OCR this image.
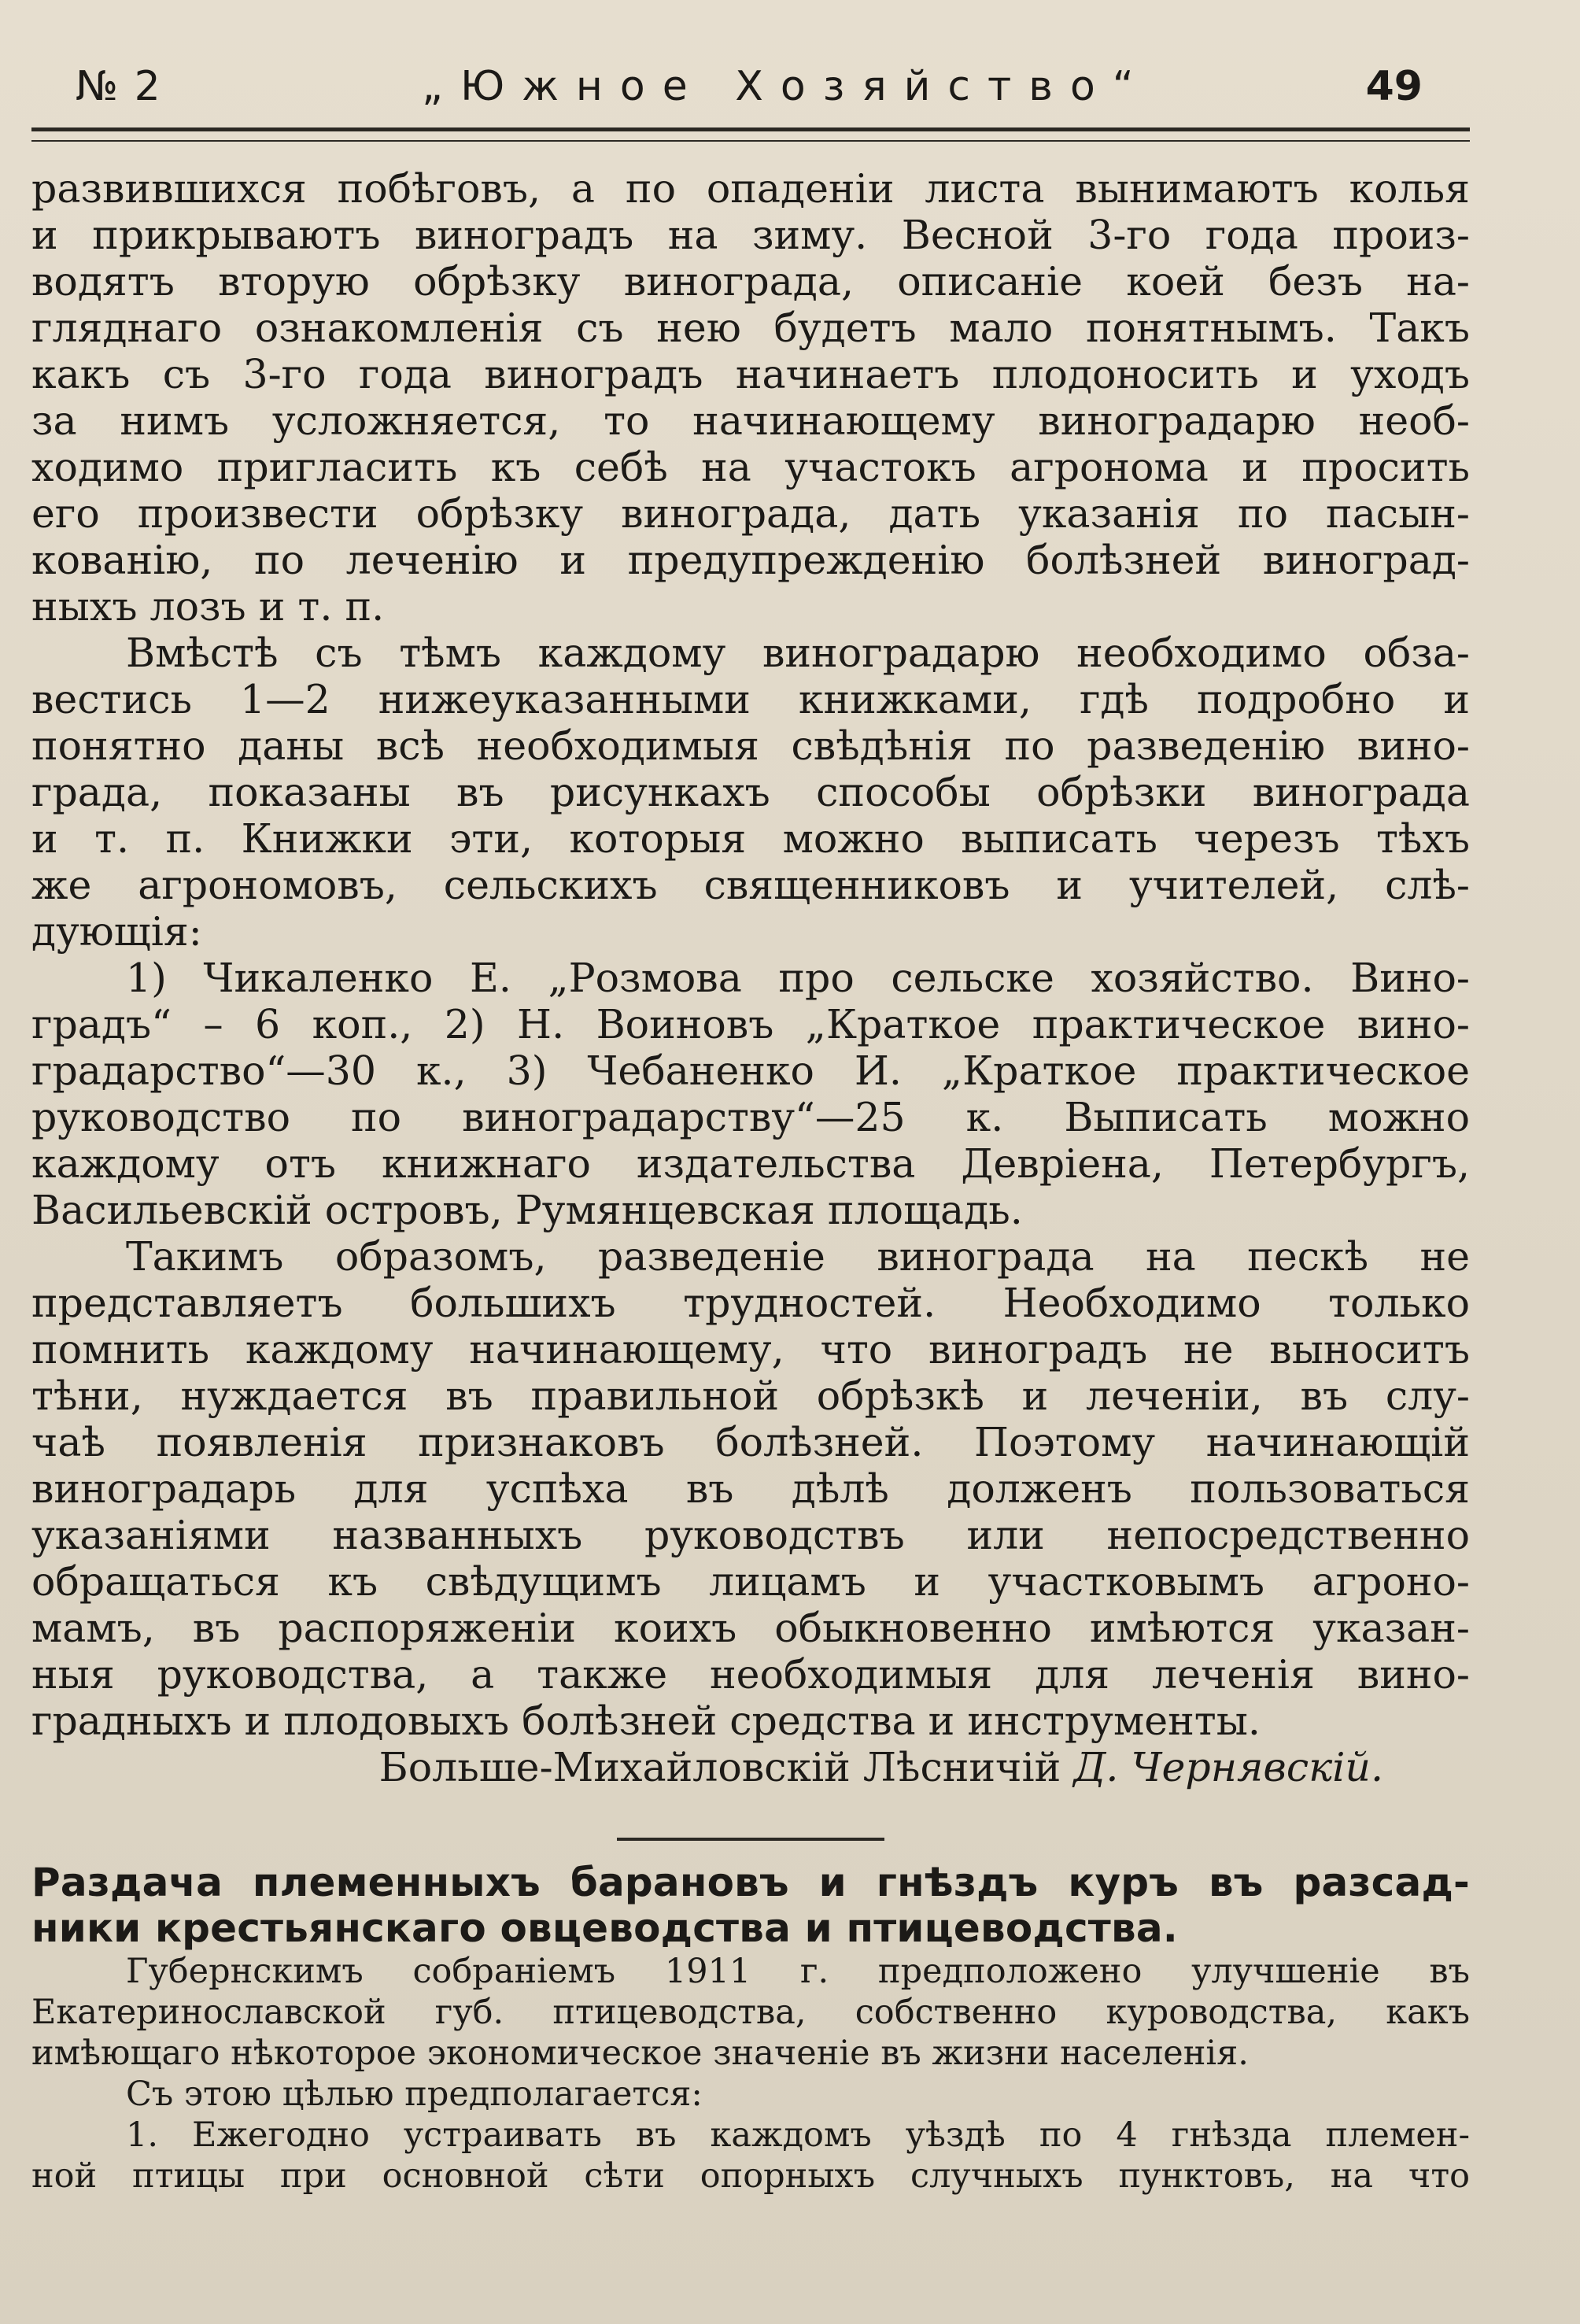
№ 2	„Южное Хозяйство“	49
развившихся побѣговъ, а по опаденіи листа вынимаютъ колья
и прикрываютъ виноградъ на зиму. Весной 3-го года произ-
водятъ вторую обрѣзку винограда, описаніе коей безъ на-
гляднаго ознакомленія съ нею будетъ мало понятнымъ. Такъ
какъ съ 3-го года виноградъ начинаетъ плодоносить и уходъ
за нимъ усложняется, то начинающему виноградарю необ-
ходимо пригласить къ себѣ на участокъ агронома и просить
его произвести обрѣзку винограда, дать указанія по пасын-
кованію, по леченію и предупрежденію болѣзней виноград-
ныхъ лозъ и т. п.
Вмѣстѣ съ тѣмъ каждому виноградарю необходимо обза-
вестись 1—2 нижеуказанными книжками, гдѣ подробно и
понятно даны всѣ необходимыя свѣдѣнія по разведенію вино-
града, показаны въ рисункахъ способы обрѣзки винограда
и т. п. Книжки эти, которыя можно выписать черезъ тѣхъ
же агрономовъ, сельскихъ священниковъ и учителей, слѣ-
дующія:
1) Чикаленко Е. „Розмова про сельске хозяйство. Вино-
градъ“ – 6 коп., 2) Н. Воиновъ „Краткое практическое вино-
градарство“—30 к., 3) Чебаненко И. „Краткое практическое
руководство по виноградарству“—25 к. Выписать можно
каждому отъ книжнаго издательства Девріена, Петербургъ,
Васильевскій островъ, Румянцевская площадь.
Такимъ образомъ, разведеніе винограда на пескѣ не
представляетъ большихъ трудностей. Необходимо только
помнить каждому начинающему, что виноградъ не выноситъ
тѣни, нуждается въ правильной обрѣзкѣ и леченіи, въ слу-
чаѣ появленія признаковъ болѣзней. Поэтому начинающій
виноградарь для успѣха въ дѣлѣ долженъ пользоваться
указаніями названныхъ руководствъ или непосредственно
обращаться къ свѣдущимъ лицамъ и участковымъ агроно-
мамъ, въ распоряженіи коихъ обыкновенно имѣются указан-
ныя руководства, а также необходимыя для леченія вино-
градныхъ и плодовыхъ болѣзней средства и инструменты.
Больше-Михайловскій Лѣсничій Д. Чернявскій.
Раздача племенныхъ барановъ и гнѣздъ куръ въ разсад-
ники крестьянскаго овцеводства и птицеводства.
Губернскимъ собраніемъ 1911 г. предположено улучшеніе въ
Екатеринославской губ. птицеводства, собственно куроводства, какъ
имѣющаго нѣкоторое экономическое значеніе въ жизни населенія.
Съ этою цѣлью предполагается:
1. Ежегодно устраивать въ каждомъ уѣздѣ по 4 гнѣзда племен-
ной птицы при основной сѣти опорныхъ случныхъ пунктовъ, на что
